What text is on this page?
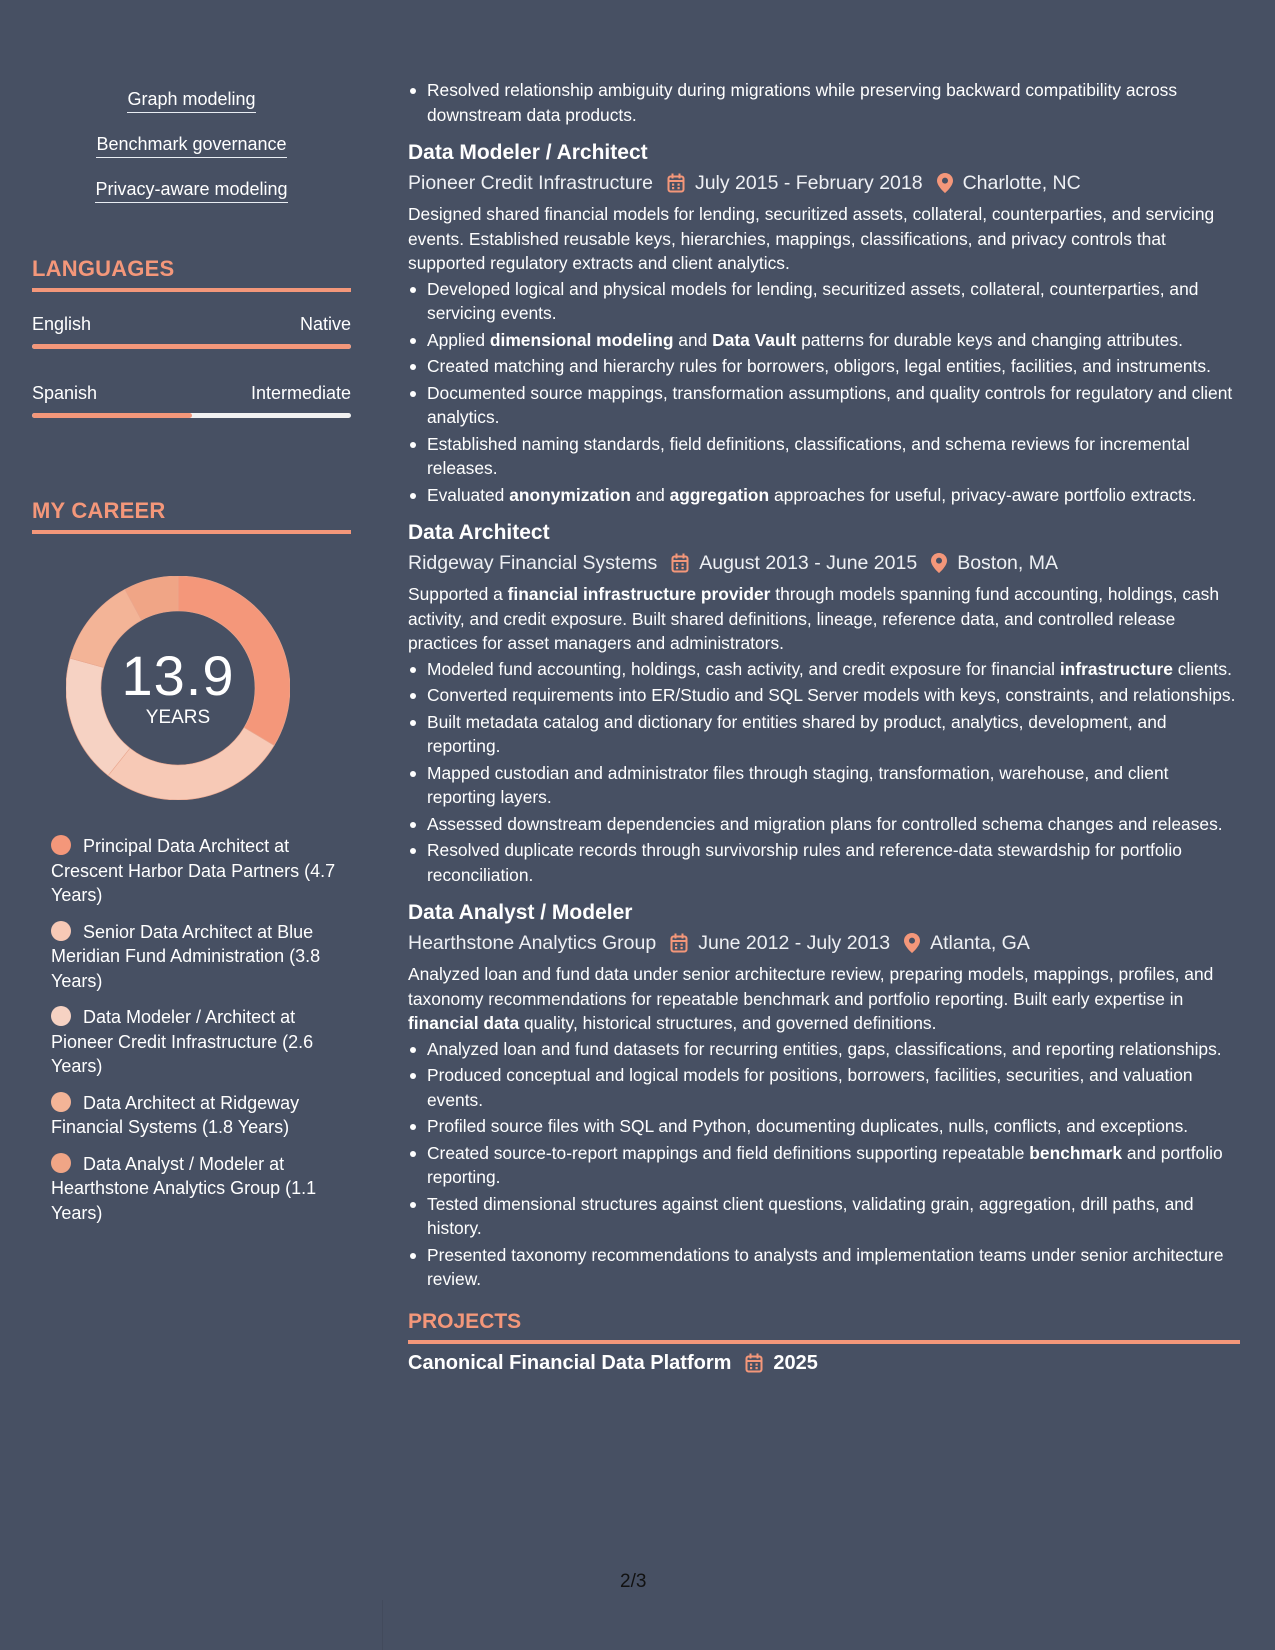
Graph modeling
Benchmark governance
Privacy-aware modeling
LANGUAGES
English	Native
Spanish	Intermediate
MY CAREER
13.9
YEARS
Principal Data Architect at Crescent Harbor Data Partners (4.7 Years)
Senior Data Architect at Blue Meridian Fund Administration (3.8 Years)
Data Modeler / Architect at Pioneer Credit Infrastructure (2.6 Years)
Data Architect at Ridgeway Financial Systems (1.8 Years)
Data Analyst / Modeler at Hearthstone Analytics Group (1.1 Years)
Resolved relationship ambiguity during migrations while preserving backward compatibility across downstream data products.
Data Modeler / Architect
Pioneer Credit Infrastructure July 2015 - February 2018 Charlotte, NC
Designed shared financial models for lending, securitized assets, collateral, counterparties, and servicing events. Established reusable keys, hierarchies, mappings, classifications, and privacy controls that supported regulatory extracts and client analytics.
Developed logical and physical models for lending, securitized assets, collateral, counterparties, and servicing events.
Applied dimensional modeling and Data Vault patterns for durable keys and changing attributes.
Created matching and hierarchy rules for borrowers, obligors, legal entities, facilities, and instruments.
Documented source mappings, transformation assumptions, and quality controls for regulatory and client analytics.
Established naming standards, field definitions, classifications, and schema reviews for incremental releases.
Evaluated anonymization and aggregation approaches for useful, privacy-aware portfolio extracts.
Data Architect
Ridgeway Financial Systems August 2013 - June 2015 Boston, MA
Supported a financial infrastructure provider through models spanning fund accounting, holdings, cash activity, and credit exposure. Built shared definitions, lineage, reference data, and controlled release practices for asset managers and administrators.
Modeled fund accounting, holdings, cash activity, and credit exposure for financial infrastructure clients.
Converted requirements into ER/Studio and SQL Server models with keys, constraints, and relationships.
Built metadata catalog and dictionary for entities shared by product, analytics, development, and reporting.
Mapped custodian and administrator files through staging, transformation, warehouse, and client reporting layers.
Assessed downstream dependencies and migration plans for controlled schema changes and releases.
Resolved duplicate records through survivorship rules and reference-data stewardship for portfolio reconciliation.
Data Analyst / Modeler
Hearthstone Analytics Group June 2012 - July 2013 Atlanta, GA
Analyzed loan and fund data under senior architecture review, preparing models, mappings, profiles, and taxonomy recommendations for repeatable benchmark and portfolio reporting. Built early expertise in financial data quality, historical structures, and governed definitions.
Analyzed loan and fund datasets for recurring entities, gaps, classifications, and reporting relationships.
Produced conceptual and logical models for positions, borrowers, facilities, securities, and valuation events.
Profiled source files with SQL and Python, documenting duplicates, nulls, conflicts, and exceptions.
Created source-to-report mappings and field definitions supporting repeatable benchmark and portfolio reporting.
Tested dimensional structures against client questions, validating grain, aggregation, drill paths, and history.
Presented taxonomy recommendations to analysts and implementation teams under senior architecture review.
PROJECTS
Canonical Financial Data Platform 2025
2/3
